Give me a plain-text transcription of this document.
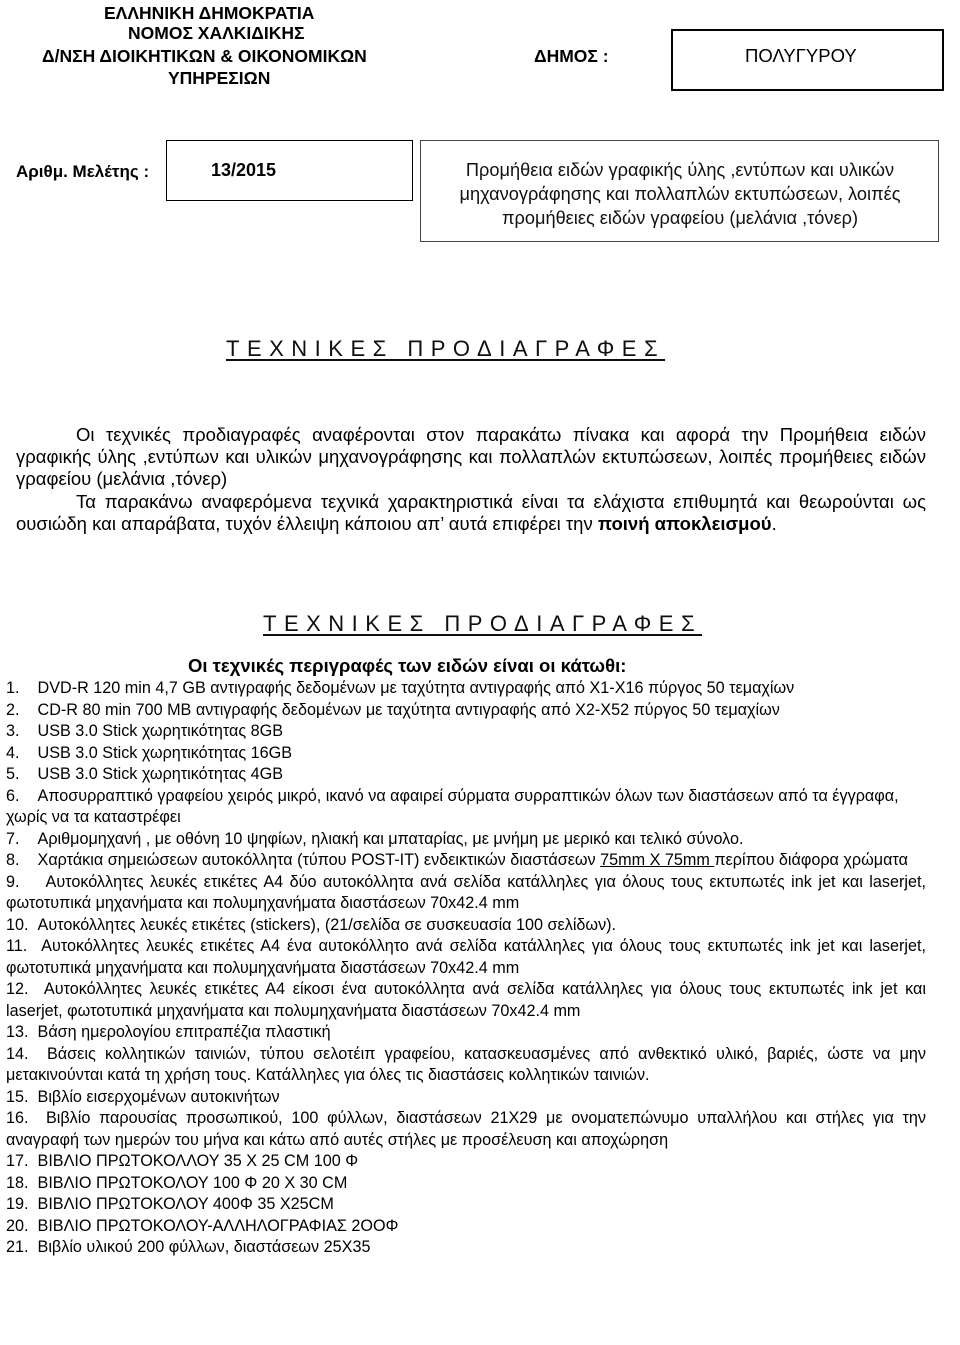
ΕΛΛΗΝΙΚΗ ΔΗΜΟΚΡΑΤΙΑ
ΝΟΜΟΣ ΧΑΛΚΙΔΙΚΗΣ
Δ/ΝΣΗ ΔΙΟΙΚΗΤΙΚΩΝ & ΟΙΚΟΝΟΜΙΚΩΝ
ΥΠΗΡΕΣΙΩΝ
ΔΗΜΟΣ :	ΠΟΛΥΓΥΡΟΥ
Αριθμ. Μελέτης :	13/2015	Προμήθεια ειδών γραφικής ύλης ,εντύπων και υλικών
μηχανογράφησης και πολλαπλών εκτυπώσεων, λοιπές
προμήθειες ειδών γραφείου (μελάνια ,τόνερ)
ΤΕΧΝΙΚΕΣ ΠΡΟΔΙΑΓΡΑΦΕΣ
Οι τεχνικές προδιαγραφές αναφέρονται στον παρακάτω πίνακα και αφορά την Προμήθεια ειδών γραφικής ύλης ,εντύπων και υλικών μηχανογράφησης και πολλαπλών εκτυπώσεων, λοιπές προμήθειες ειδών γραφείου (μελάνια ,τόνερ)
Τα παρακάνω αναφερόμενα τεχνικά χαρακτηριστικά είναι τα ελάχιστα επιθυμητά και θεωρούνται ως ουσιώδη και απαράβατα, τυχόν έλλειψη κάποιου απ’ αυτά επιφέρει την ποινή αποκλεισμού.
ΤΕΧΝΙΚΕΣ ΠΡΟΔΙΑΓΡΑΦΕΣ
Οι τεχνικές περιγραφές των ειδών είναι οι κάτωθι:
1. DVD-R 120 min 4,7 GB αντιγραφής δεδομένων με ταχύτητα αντιγραφής από X1-X16 πύργος 50 τεμαχίων
2. CD-R 80 min 700 MB αντιγραφής δεδομένων με ταχύτητα αντιγραφής από X2-X52 πύργος 50 τεμαχίων
3. USB 3.0 Stick χωρητικότητας 8GB
4. USB 3.0 Stick χωρητικότητας 16GB
5. USB 3.0 Stick χωρητικότητας 4GB
6. Αποσυρραπτικό γραφείου χειρός μικρό, ικανό να αφαιρεί σύρματα συρραπτικών όλων των διαστάσεων από τα έγγραφα, χωρίς να τα καταστρέφει
7. Αριθμομηχανή , με οθόνη 10 ψηφίων, ηλιακή και μπαταρίας, με μνήμη με μερικό και τελικό σύνολο.
8. Χαρτάκια σημειώσεων αυτοκόλλητα (τύπου POST-IT) ενδεικτικών διαστάσεων 75mm X 75mm περίπου διάφορα χρώματα
9. Αυτοκόλλητες λευκές ετικέτες Α4 δύο αυτοκόλλητα ανά σελίδα κατάλληλες για όλους τους εκτυπωτές ink jet και laserjet, φωτοτυπικά μηχανήματα και πολυμηχανήματα διαστάσεων 70x42.4 mm
10. Αυτοκόλλητες λευκές ετικέτες (stickers), (21/σελίδα σε συσκευασία 100 σελίδων).
11. Αυτοκόλλητες λευκές ετικέτες Α4 ένα αυτοκόλλητο ανά σελίδα κατάλληλες για όλους τους εκτυπωτές ink jet και laserjet, φωτοτυπικά μηχανήματα και πολυμηχανήματα διαστάσεων 70x42.4 mm
12. Αυτοκόλλητες λευκές ετικέτες Α4 είκοσι ένα αυτοκόλλητα ανά σελίδα κατάλληλες για όλους τους εκτυπωτές ink jet και laserjet, φωτοτυπικά μηχανήματα και πολυμηχανήματα διαστάσεων 70x42.4 mm
13. Βάση ημερολογίου επιτραπέζια πλαστική
14. Βάσεις κολλητικών ταινιών, τύπου σελοτέιπ γραφείου, κατασκευασμένες από ανθεκτικό υλικό, βαριές, ώστε να μην μετακινούνται κατά τη χρήση τους. Κατάλληλες για όλες τις διαστάσεις κολλητικών ταινιών.
15. Βιβλίο εισερχομένων αυτοκινήτων
16. Βιβλίο παρουσίας προσωπικού, 100 φύλλων, διαστάσεων 21Χ29 με ονοματεπώνυμο υπαλλήλου και στήλες για την αναγραφή των ημερών του μήνα και κάτω από αυτές στήλες με προσέλευση και αποχώρηση
17. ΒΙΒΛΙΟ ΠΡΩΤΟΚΟΛΛΟΥ 35 Χ 25 CM 100 Φ
18. ΒΙΒΛΙΟ ΠΡΩΤΟΚΟΛΟΥ 100 Φ 20 Χ 30 CM
19. ΒΙΒΛΙΟ ΠΡΩΤΟΚΟΛΟΥ 400Φ 35 Χ25CM
20. ΒΙΒΛΙΟ ΠΡΩΤΟΚΟΛΟΥ-ΑΛΛΗΛΟΓΡΑΦΙΑΣ 2ΟΟΦ
21. Βιβλίο υλικού 200 φύλλων, διαστάσεων 25Χ35
